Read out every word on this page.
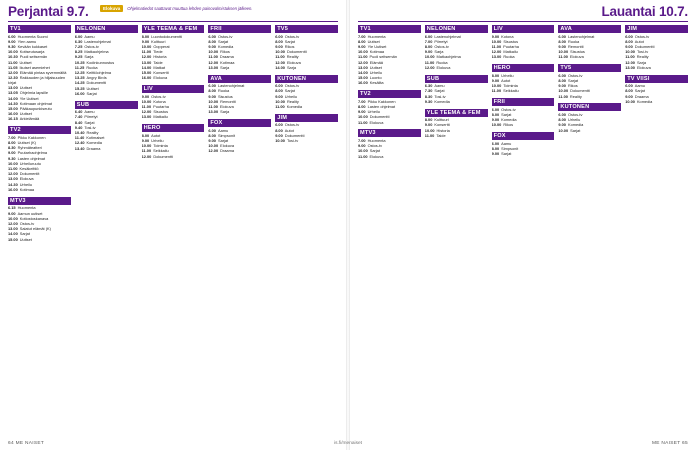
Perjantai 9.7.	Elokuva	Ohjelmatiedot saattavat muuttua lehden painovalmistuksen jälkeen.
TV1
6.00 Huomenta Suomi
9.00 Ylen aamu
9.30 Kevään kukkaset
10.00 Kotiseutusarja
10.30 Puoli seitsemän
11.00 Uutiset
11.05 Ikuiset asemiehet
12.00 Elämää pintaa syvemmältä
12.30 Rakkauden ja hiljaisuuden kirjat
13.00 Uutiset
13.05 Ohjelmia lapsille
14.00 Yle Uutiset
14.30 Kotimaan ohjelmat
15.00 Pääkaupunkiseutu
16.00 Uutiset
16.15 Arkielämää
TV2
7.00 Pikku Kakkonen
8.00 Uutiset (K)
8.30 Ryhmäteatteri
9.00 Puutarhaohjelma
9.30 Lasten ohjelmat
10.00 Urheiluruutu
11.00 Kesäkeittiö
12.00 Dokumentit
13.00 Elokuva
14.30 Urheilu
16.00 Kotimaa
MTV3
6.15 Huomenta
9.00 Aamun uutiset
10.00 Kotiostoskanava
12.00 Ostos-tv
13.00 Salatut elämät (K)
14.00 Sarjat
15.00 Uutiset
NELONEN
6.00 Aamu
6.30 Lastenohjelmat
7.25 Ostos-tv
8.25 Matkaohjelma
9.25 Sarja
10.25 Kodinkunnostus
11.25 Ruoka
12.25 Keittiöohjelma
13.25 Angry Birds
14.25 Dokumentti
15.25 Uutiset
16.00 Sarjat
SUB
6.40 Aamu
7.40 Piirretyt
8.40 Sarjat
9.40 Tosi-tv
10.40 Reality
11.40 Kotimaiset
12.40 Komedia
13.40 Draama
YLE TEEMA & FEM
8.00 Luontodokumentti
9.00 Kulttuuri
10.00 Oopperat
11.00 Tiede
12.00 Historia
13.00 Taide
14.00 Matkat
15.00 Konsertti
16.00 Elokuva
LIV
9.00 Ostos-tv
10.00 Kotona
11.00 Puutarha
12.00 Sisustus
13.00 Matkailu
HERO
8.00 Autot
9.00 Urheilu
10.00 Toiminta
11.00 Seikkailu
12.00 Dokumentti
FRII
6.00 Ostos-tv
8.00 Sarjat
9.00 Komedia
10.00 Rikos
11.00 Draama
12.00 Kotimaa
13.00 Sarja
AVA
6.00 Lastenohjelmat
8.00 Ruoka
9.00 Sisustus
10.00 Remontti
11.00 Elokuva
13.00 Sarja
FOX
6.00 Aamu
8.00 Simpsonit
9.00 Sarjat
10.00 Elokuva
12.00 Draama
TV5
6.00 Ostos-tv
8.00 Sarjat
9.00 Rikos
10.00 Dokumentti
11.00 Reality
12.00 Elokuva
14.00 Sarja
KUTONEN
6.00 Ostos-tv
8.00 Sarjat
9.00 Urheilu
10.00 Reality
11.00 Komedia
JIM
6.00 Ostos-tv
8.00 Autot
9.00 Dokumentti
10.00 Tosi-tv
64 ME NAISET
Lauantai 10.7.
TV1
7.00 Huomenta
8.00 Uutiset
9.00 Yle Uutiset
10.00 Kotimaa
11.00 Puoli seitsemän
12.00 Elämää
13.00 Uutiset
14.00 Urheilu
15.00 Luonto
16.00 Kesäilta
TV2
7.00 Pikku Kakkonen
8.00 Lasten ohjelmat
9.00 Urheilu
10.00 Dokumentti
11.00 Elokuva
MTV3
7.00 Huomenta
9.00 Ostos-tv
10.00 Sarjat
11.00 Elokuva
NELONEN
6.00 Lastenohjelmat
7.00 Piirretyt
8.00 Ostos-tv
9.00 Sarja
10.00 Matkaohjelma
11.00 Ruoka
12.00 Elokuva
SUB
6.30 Aamu
7.30 Sarjat
8.30 Tosi-tv
9.30 Komedia
YLE TEEMA & FEM
8.00 Kulttuuri
9.00 Konsertti
10.00 Historia
11.00 Taide
LIV
9.00 Kotona
10.00 Sisustus
11.00 Puutarha
12.00 Matkailu
13.00 Ruoka
HERO
8.00 Urheilu
9.00 Autot
10.00 Toiminta
11.00 Seikkailu
FRII
6.00 Ostos-tv
8.00 Sarjat
9.00 Komedia
10.00 Rikos
FOX
6.00 Aamu
8.00 Simpsonit
9.00 Sarjat
AVA
6.00 Lastenohjelmat
8.00 Ruoka
9.00 Remontti
10.00 Sisustus
11.00 Elokuva
TV5
6.00 Ostos-tv
8.00 Sarjat
9.00 Rikos
10.00 Dokumentti
11.00 Reality
KUTONEN
6.00 Ostos-tv
8.00 Urheilu
9.00 Komedia
10.00 Sarjat
JIM
6.00 Ostos-tv
8.00 Autot
9.00 Dokumentti
10.00 Tosi-tv
11.00 Reality
12.00 Sarja
13.00 Elokuva
TV VIISI
6.00 Aamu
8.00 Sarjat
9.00 Draama
10.00 Komedia
ME NAISET 65
is.fi/menaiset
